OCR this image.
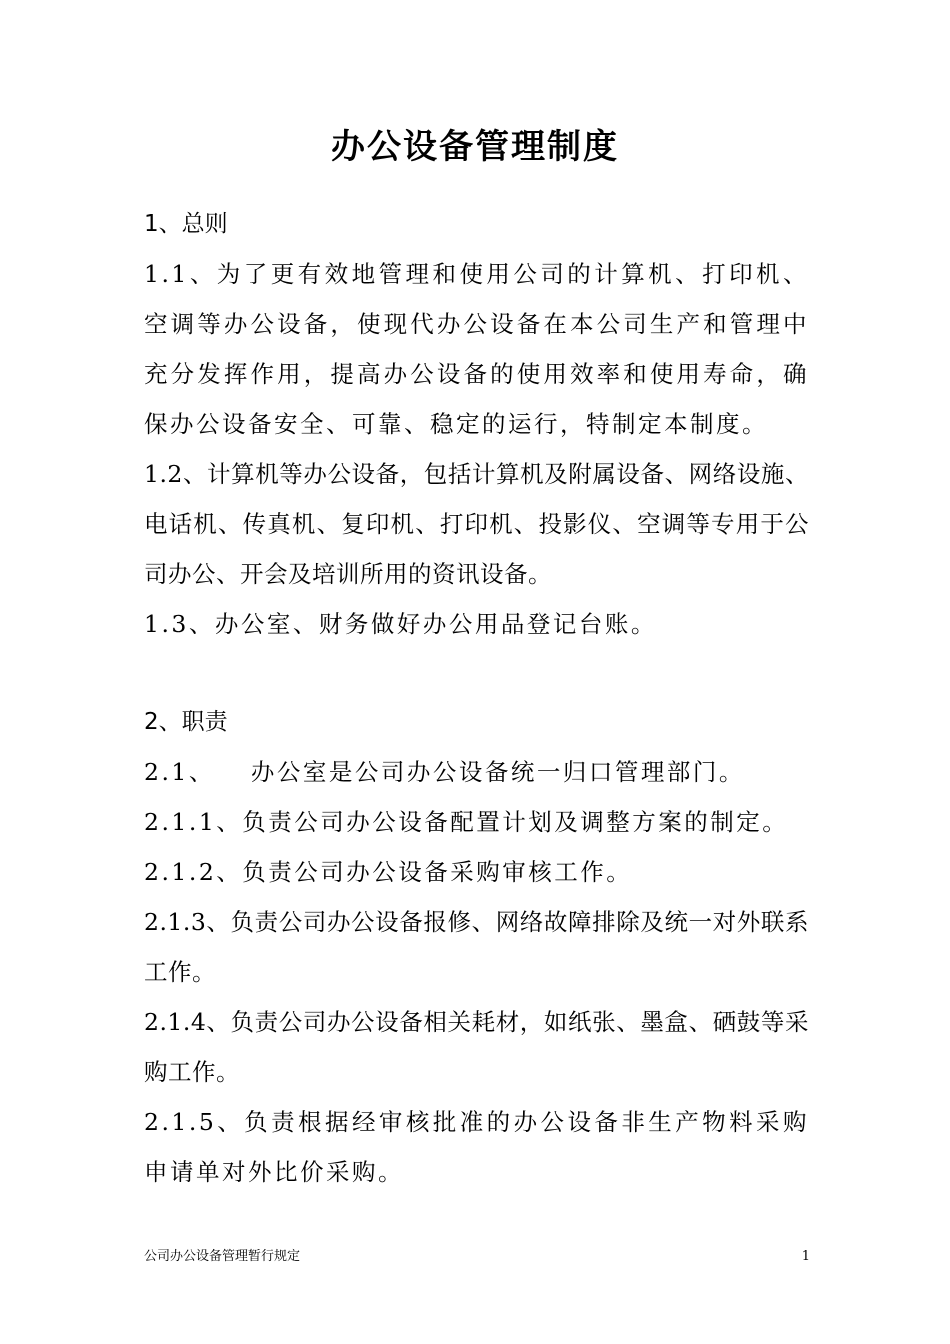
办公设备管理制度
1、总则
1.1、为了更有效地管理和使用公司的计算机、打印机、空调等办公设备，使现代办公设备在本公司生产和管理中充分发挥作用，提高办公设备的使用效率和使用寿命，确保办公设备安全、可靠、稳定的运行，特制定本制度。
1.2、计算机等办公设备，包括计算机及附属设备、网络设施、电话机、传真机、复印机、打印机、投影仪、空调等专用于公司办公、开会及培训所用的资讯设备。
1.3、办公室、财务做好办公用品登记台账。
2、职责
2.1、 办公室是公司办公设备统一归口管理部门。
2.1.1、负责公司办公设备配置计划及调整方案的制定。
2.1.2、负责公司办公设备采购审核工作。
2.1.3、负责公司办公设备报修、网络故障排除及统一对外联系工作。
2.1.4、负责公司办公设备相关耗材，如纸张、墨盒、硒鼓等采购工作。
2.1.5、负责根据经审核批准的办公设备非生产物料采购申请单对外比价采购。
公司办公设备管理暂行规定	1
